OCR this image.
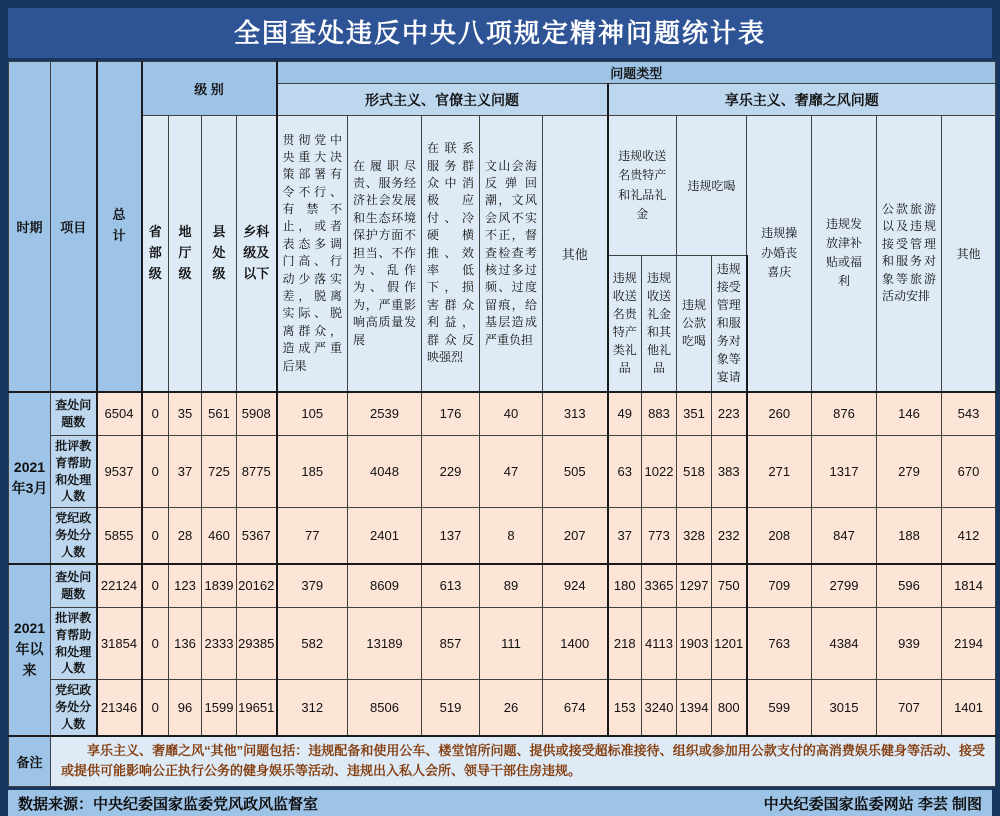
全国查处违反中央八项规定精神问题统计表
时期	项目	总计	级 别				问题类型												
							形式主义、官僚主义问题					享乐主义、奢靡之风问题							

			省部级	地厅级	县处级	乡科级及以下	贯彻党中央重大决策部署有令不行、有禁不止，或者表态多调门高、行动少落实差，脱离实际、脱离群众，造成严重后果	在履职尽责、服务经济社会发展和生态环境保护方面不担当、不作为、乱作为、假作为，严重影响高质量发展	在联系服务群众中消极应付、冷硬横推、效率低下，损害群众利益，群众反映强烈	文山会海反弹回潮，文风会风不实不正，督查检查考核过多过频、过度留痕，给基层造成严重负担	其他	违规收送名贵特产和礼品礼金		违规吃喝		违规操办婚丧喜庆	违规发放津补贴或福利	公款旅游以及违规接受管理和服务对象等旅游活动安排	其他
												违规收送名贵特产类礼品	违规收送礼金和其他礼品	违规公款吃喝	违规接受管理和服务对象等宴请				
2021年3月	查处问题数	6504	0	35	561	5908	105	2539	176	40	313	49	883	351	223	260	876	146	543
	批评教育帮助和处理人数	9537	0	37	725	8775	185	4048	229	47	505	63	1022	518	383	271	1317	279	670
	党纪政务处分人数	5855	0	28	460	5367	77	2401	137	8	207	37	773	328	232	208	847	188	412
2021年以来	查处问题数	22124	0	123	1839	20162	379	8609	613	89	924	180	3365	1297	750	709	2799	596	1814
	批评教育帮助和处理人数	31854	0	136	2333	29385	582	13189	857	111	1400	218	4113	1903	1201	763	4384	939	2194
	党纪政务处分人数	21346	0	96	1599	19651	312	8506	519	26	674	153	3240	1394	800	599	3015	707	1401
备注	享乐主义、奢靡之风“其他”问题包括：违规配备和使用公车、楼堂馆所问题、提供或接受超标准接待、组织或参加用公款支付的高消费娱乐健身等活动、接受或提供可能影响公正执行公务的健身娱乐等活动、违规出入私人会所、领导干部住房违规。																		
数据来源：中央纪委国家监委党风政风监督室	中央纪委国家监委网站 李芸 制图
